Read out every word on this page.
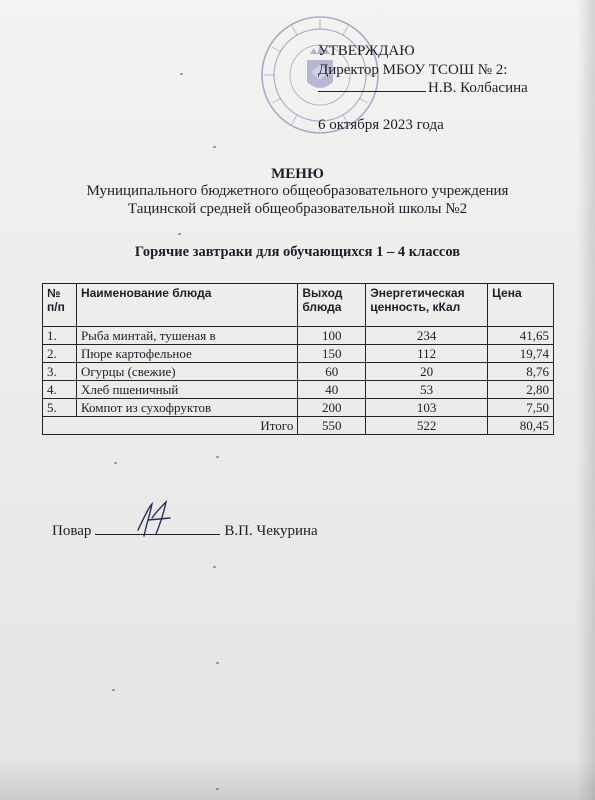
УТВЕРЖДАЮ
Директор МБОУ ТСОШ № 2:
Н.В. Колбасина
6 октября 2023 года
МЕНЮ
Муниципального бюджетного общеобразовательного учреждения
Тацинской средней общеобразовательной школы №2
Горячие завтраки для обучающихся 1 – 4 классов
№ п/п	Наименование блюда	Выход блюда	Энергетическая ценность, кКал	Цена
1.	Рыба минтай, тушеная в	100	234	41,65
2.	Пюре картофельное	150	112	19,74
3.	Огурцы (свежие)	60	20	8,76
4.	Хлеб пшеничный	40	53	2,80
5.	Компот из сухофруктов	200	103	7,50
Итого		550	522	80,45
Повар	В.П. Чекурина
